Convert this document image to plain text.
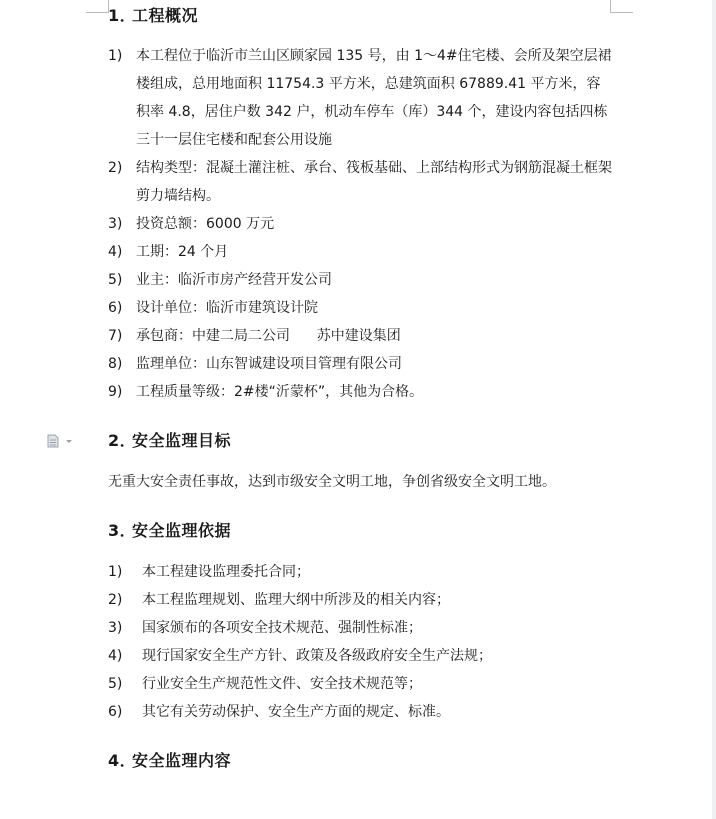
1．工程概况
1) 本工程位于临沂市兰山区顾家园 135 号，由 1～4#住宅楼、会所及架空层裙楼组成，总用地面积 11754.3 平方米，总建筑面积 67889.41 平方米，容积率 4.8，居住户数 342 户，机动车停车（库）344 个，建设内容包括四栋三十一层住宅楼和配套公用设施
2) 结构类型：混凝土灌注桩、承台、筏板基础、上部结构形式为钢筋混凝土框架剪力墙结构。
3) 投资总额：6000 万元
4) 工期：24 个月
5) 业主：临沂市房产经营开发公司
6) 设计单位：临沂市建筑设计院
7) 承包商：中建二局二公司      苏中建设集团
8) 监理单位：山东智诚建设项目管理有限公司
9) 工程质量等级：2#楼“沂蒙杯”，其他为合格。
2．安全监理目标

无重大安全责任事故，达到市级安全文明工地，争创省级安全文明工地。

3．安全监理依据
1) 本工程建设监理委托合同；
2) 本工程监理规划、监理大纲中所涉及的相关内容；
3) 国家颁布的各项安全技术规范、强制性标准；
4) 现行国家安全生产方针、政策及各级政府安全生产法规；
5) 行业安全生产规范性文件、安全技术规范等；
6) 其它有关劳动保护、安全生产方面的规定、标准。
4．安全监理内容
